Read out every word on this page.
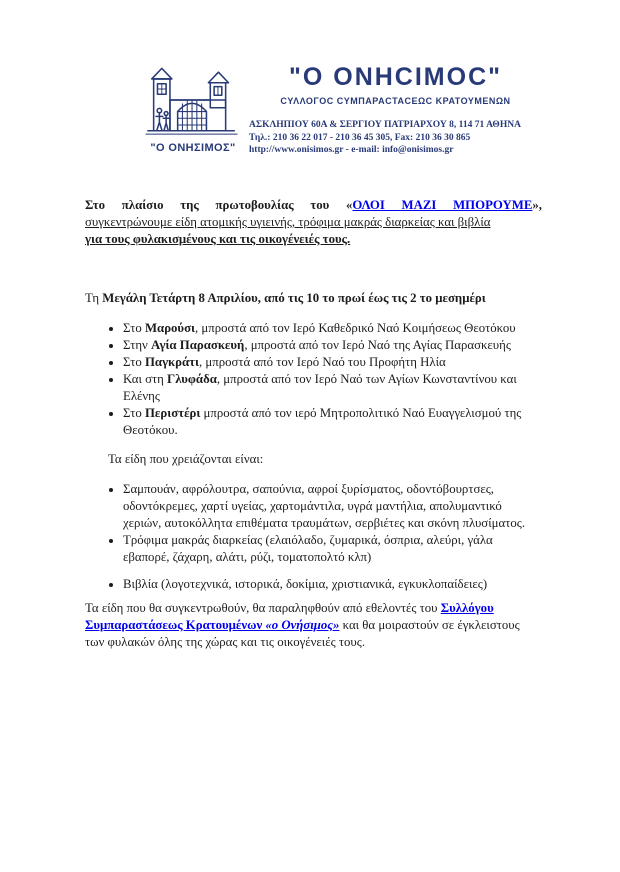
"Ο ΟΝΗΣΙΜΟΣ"
"Ο ΟΝΗCΙΜΟC"
CΥΛΛΟΓΟC CΥΜΠΑΡΑCΤΑCΕΩC ΚΡΑΤΟΥΜΕΝΩΝ
ΑΣΚΛΗΠΙΟΥ 60Α & ΣΕΡΓΙΟΥ ΠΑΤΡΙΑΡΧΟΥ 8, 114 71 ΑΘΗΝΑ
Τηλ.: 210 36 22 017 - 210 36 45 305, Fax: 210 36 30 865
http://www.onisimos.gr - e-mail: info@onisimos.gr
Στο πλαίσιο της πρωτοβουλίας του «ΟΛΟΙ ΜΑΖΙ ΜΠΟΡΟΥΜΕ»,
συγκεντρώνουμε είδη ατομικής υγιεινής, τρόφιμα μακράς διαρκείας και βιβλία
για τους φυλακισμένους και τις οικογένειές τους.
Τη Μεγάλη Τετάρτη 8 Απριλίου, από τις 10 το πρωί έως τις 2 το μεσημέρι
• Στο Μαρούσι, μπροστά από τον Ιερό Καθεδρικό Ναό Κοιμήσεως Θεοτόκου
• Στην Αγία Παρασκευή, μπροστά από τον Ιερό Ναό της Αγίας Παρασκευής
• Στο Παγκράτι, μπροστά από τον Ιερό Ναό του Προφήτη Ηλία
• Και στη Γλυφάδα, μπροστά από τον Ιερό Ναό των Αγίων Κωνσταντίνου και Ελένης
• Στο Περιστέρι μπροστά από τον ιερό Μητροπολιτικό Ναό Ευαγγελισμού της Θεοτόκου.
Τα είδη που χρειάζονται είναι:
• Σαμπουάν, αφρόλουτρα, σαπούνια, αφροί ξυρίσματος, οδοντόβουρτσες, οδοντόκρεμες, χαρτί υγείας, χαρτομάντιλα, υγρά μαντήλια, απολυμαντικό χεριών, αυτοκόλλητα επιθέματα τραυμάτων, σερβιέτες και σκόνη πλυσίματος.
• Τρόφιμα μακράς διαρκείας (ελαιόλαδο, ζυμαρικά, όσπρια, αλεύρι, γάλα εβαπορέ, ζάχαρη, αλάτι, ρύζι, τοματοπολτό κλπ)
• Βιβλία (λογοτεχνικά, ιστορικά, δοκίμια, χριστιανικά, εγκυκλοπαίδειες)
Τα είδη που θα συγκεντρωθούν, θα παραληφθούν από εθελοντές του Συλλόγου Συμπαραστάσεως Κρατουμένων «ο Ονήσιμος» και θα μοιραστούν σε έγκλειστους των φυλακών όλης της χώρας και τις οικογένειές τους.
